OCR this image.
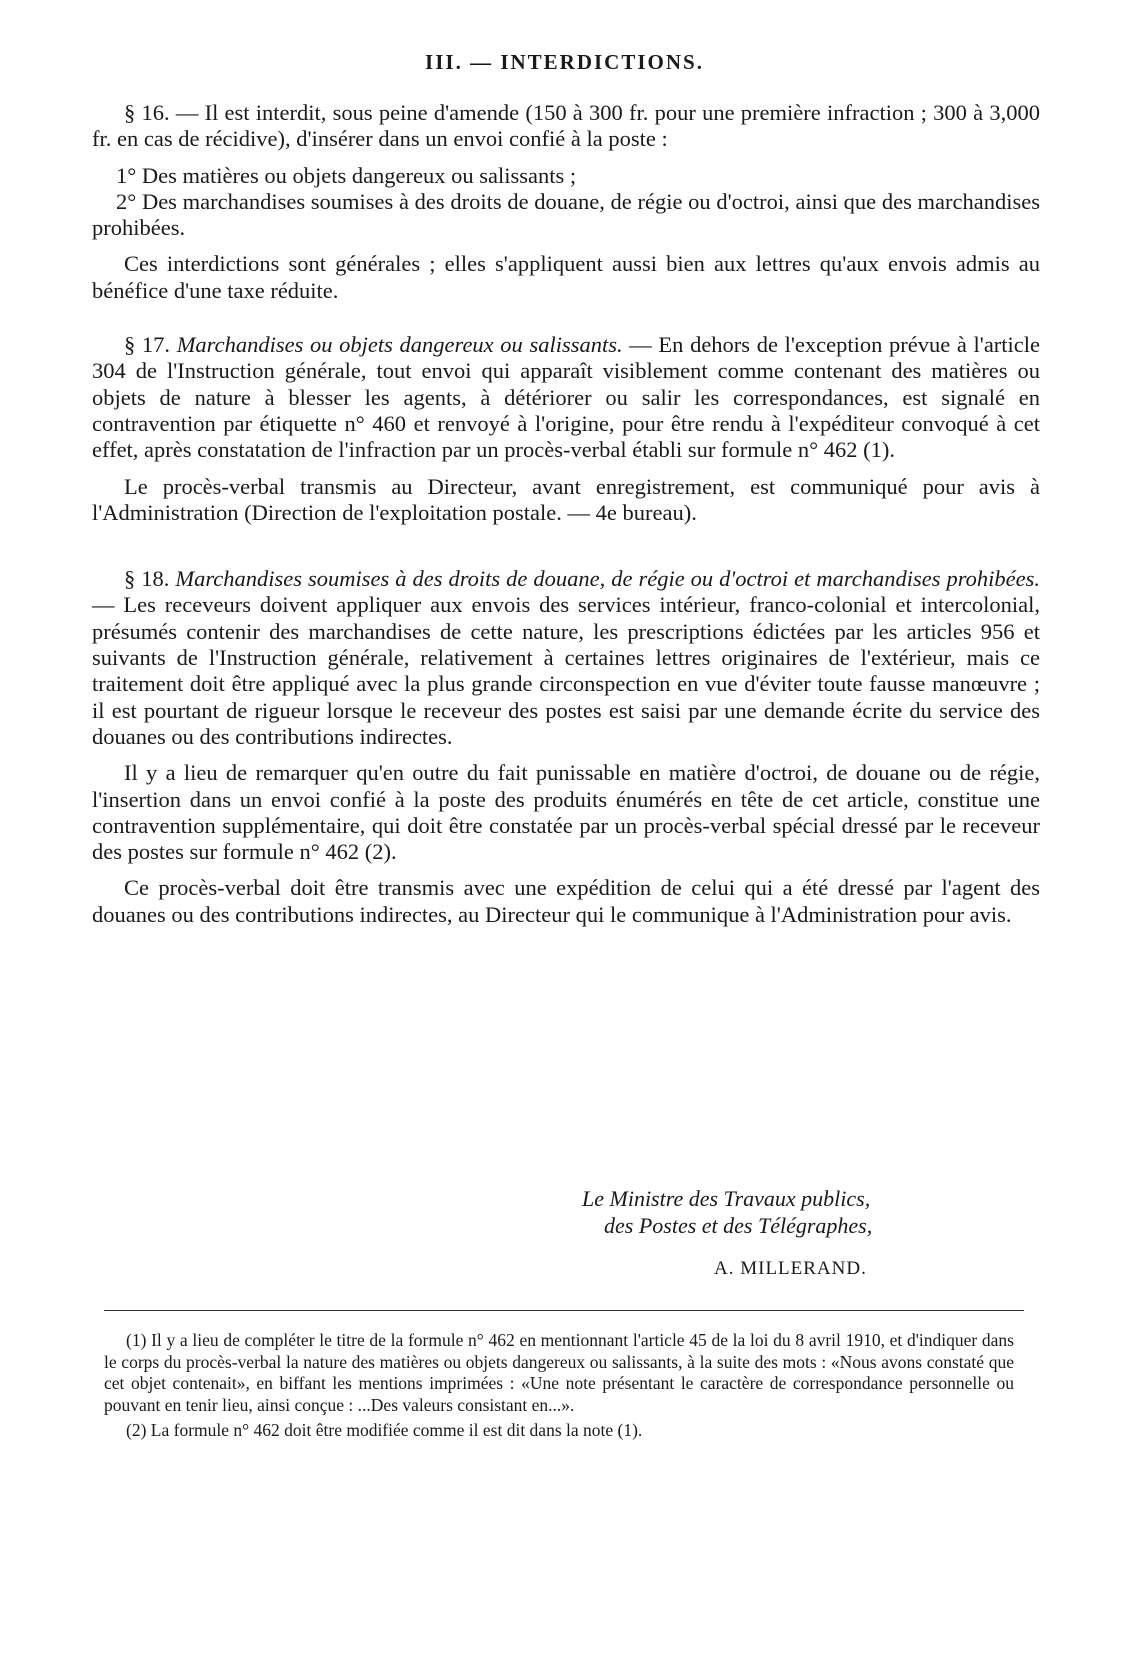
III. — INTERDICTIONS.

§ 16. — Il est interdit, sous peine d'amende (150 à 300 fr. pour une première infraction ; 300 à 3,000 fr. en cas de récidive), d'insérer dans un envoi confié à la poste :

1° Des matières ou objets dangereux ou salissants ;

2° Des marchandises soumises à des droits de douane, de régie ou d'octroi, ainsi que des marchandises prohibées.

Ces interdictions sont générales ; elles s'appliquent aussi bien aux lettres qu'aux envois admis au bénéfice d'une taxe réduite.

§ 17. Marchandises ou objets dangereux ou salissants. — En dehors de l'exception prévue à l'article 304 de l'Instruction générale, tout envoi qui apparaît visiblement comme contenant des matières ou objets de nature à blesser les agents, à détériorer ou salir les correspondances, est signalé en contravention par étiquette n° 460 et renvoyé à l'origine, pour être rendu à l'expéditeur convoqué à cet effet, après constatation de l'infraction par un procès-verbal établi sur formule n° 462 (1).

Le procès-verbal transmis au Directeur, avant enregistrement, est communiqué pour avis à l'Administration (Direction de l'exploitation postale. — 4e bureau).

§ 18. Marchandises soumises à des droits de douane, de régie ou d'octroi et marchandises prohibées. — Les receveurs doivent appliquer aux envois des services intérieur, franco-colonial et intercolonial, présumés contenir des marchandises de cette nature, les prescriptions édictées par les articles 956 et suivants de l'Instruction générale, relativement à certaines lettres originaires de l'extérieur, mais ce traitement doit être appliqué avec la plus grande circonspection en vue d'éviter toute fausse manœuvre ; il est pourtant de rigueur lorsque le receveur des postes est saisi par une demande écrite du service des douanes ou des contributions indirectes.

Il y a lieu de remarquer qu'en outre du fait punissable en matière d'octroi, de douane ou de régie, l'insertion dans un envoi confié à la poste des produits énumérés en tête de cet article, constitue une contravention supplémentaire, qui doit être constatée par un procès-verbal spécial dressé par le receveur des postes sur formule n° 462 (2).

Ce procès-verbal doit être transmis avec une expédition de celui qui a été dressé par l'agent des douanes ou des contributions indirectes, au Directeur qui le communique à l'Administration pour avis.

Le Ministre des Travaux publics,
des Postes et des Télégraphes,
A. MILLERAND.

(1) Il y a lieu de compléter le titre de la formule n° 462 en mentionnant l'article 45 de la loi du 8 avril 1910, et d'indiquer dans le corps du procès-verbal la nature des matières ou objets dangereux ou salissants, à la suite des mots : «Nous avons constaté que cet objet contenait», en biffant les mentions imprimées : «Une note présentant le caractère de correspondance personnelle ou pouvant en tenir lieu, ainsi conçue : ...Des valeurs consistant en...».

(2) La formule n° 462 doit être modifiée comme il est dit dans la note (1).
